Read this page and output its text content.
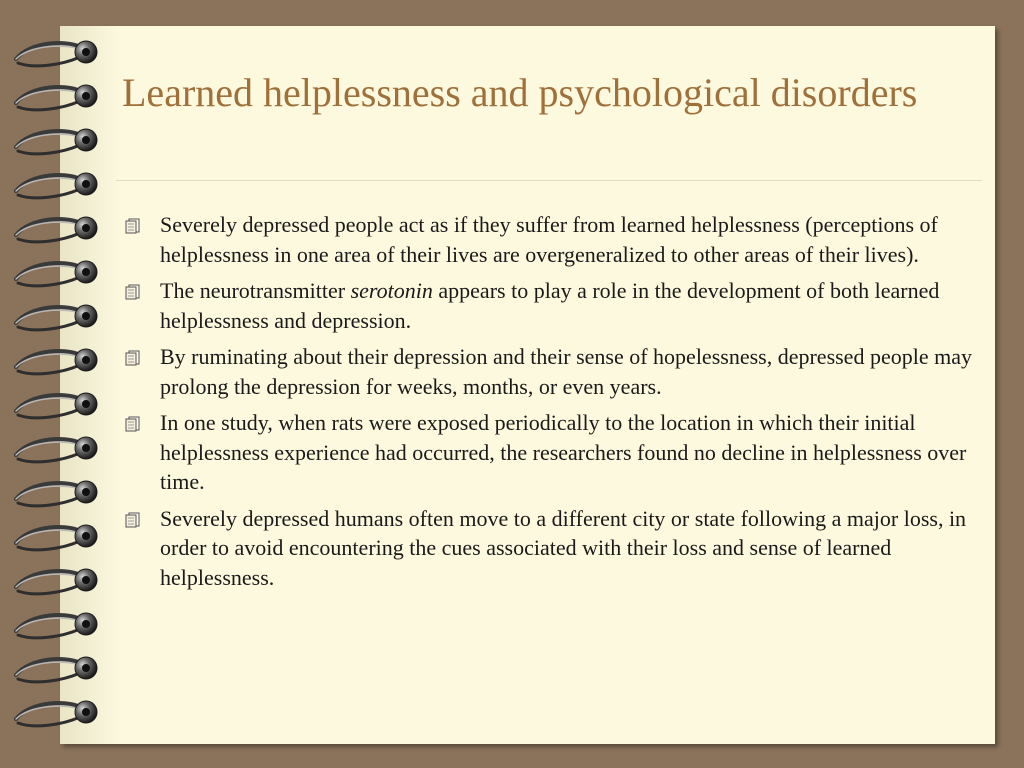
Learned helplessness and psychological disorders
Severely depressed people act as if they suffer from learned helplessness (perceptions of helplessness in one area of their lives are overgeneralized to other areas of their lives).
The neurotransmitter serotonin appears to play a role in the development of both learned helplessness and depression.
By ruminating about their depression and their sense of hopelessness, depressed people may prolong the depression for weeks, months, or even years.
In one study, when rats were exposed periodically to the location in which their initial helplessness experience had occurred, the researchers found no decline in helplessness over time.
Severely depressed humans often move to a different city or state following a major loss, in order to avoid encountering the cues associated with their loss and sense of learned helplessness.
